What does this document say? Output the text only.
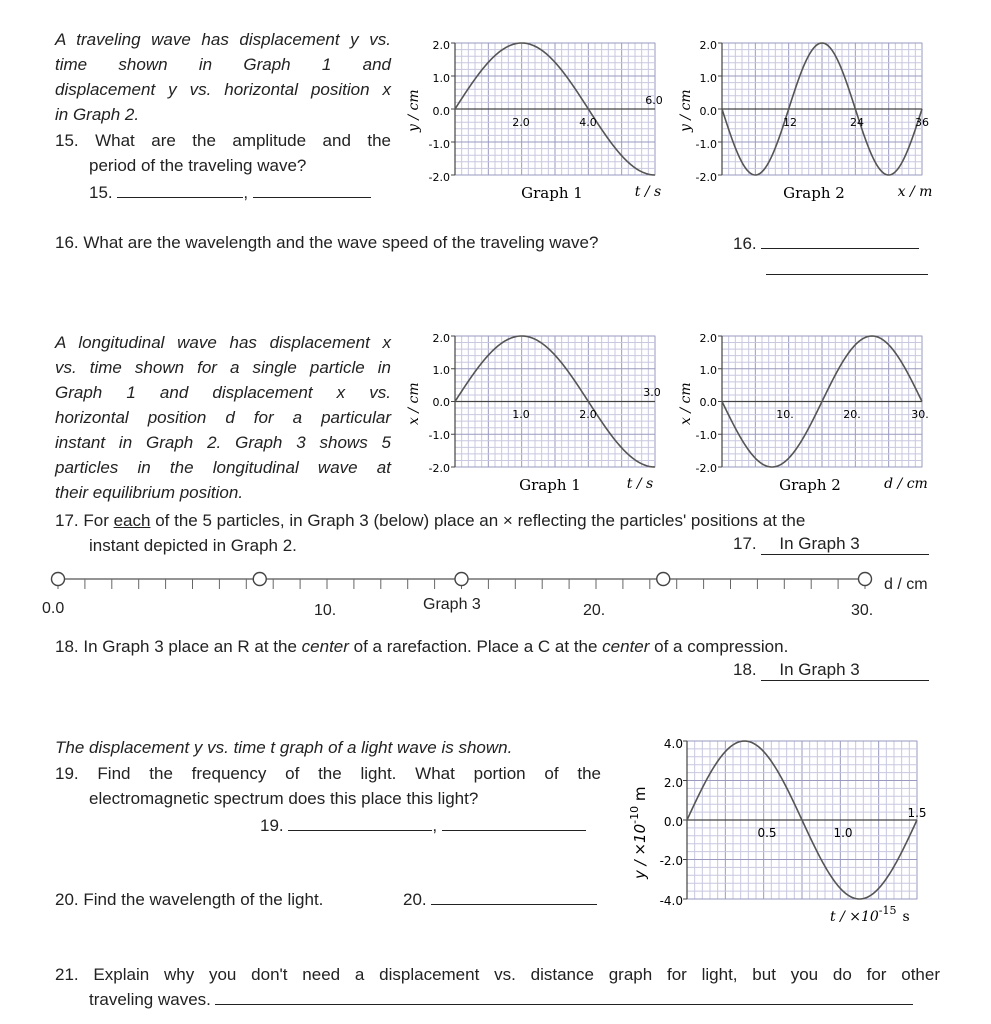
A traveling wave has displacement y vs.
time shown in Graph 1 and
displacement y vs. horizontal position x
in Graph 2.
15. What are the amplitude and the
period of the traveling wave?
15.	,
y / cm
2.0
1.0
0.0
-1.0
-2.0
2.0	4.0
6.0
Graph 1	t / s
y / cm
2.0
1.0
0.0
-1.0
-2.0
12	24	36
Graph 2	x / m
16. What are the wavelength and the wave speed of the traveling wave?	16.
A longitudinal wave has displacement x
vs. time shown for a single particle in
Graph 1 and displacement x vs.
horizontal position d for a particular
instant in Graph 2. Graph 3 shows 5
particles in the longitudinal wave at
their equilibrium position.
x / cm
2.0
1.0
0.0
-1.0
-2.0
1.0	2.0
3.0
Graph 1	t / s
x / cm
2.0
1.0
0.0
-1.0
-2.0
10.	20.	30.
Graph 2	d / cm
17. For each of the 5 particles, in Graph 3 (below) place an × reflecting the particles' positions at the
instant depicted in Graph 2.	17. In Graph 3
0.0	10.	Graph 3	20.	30.
d / cm
18. In Graph 3 place an R at the center of a rarefaction. Place a C at the center of a compression.
18. In Graph 3
The displacement y vs. time t graph of a light wave is shown.
19. Find the frequency of the light. What portion of the
electromagnetic spectrum does this place this light?
19.	,
20. Find the wavelength of the light.	20.
$y / \times 10^{-10}$ m
4.0
2.0
0.0
-2.0
-4.0
0.5	1.0
1.5
$t / \times 10^{-15}$ s
21. Explain why you don't need a displacement vs. distance graph for light, but you do for other
traveling waves.
